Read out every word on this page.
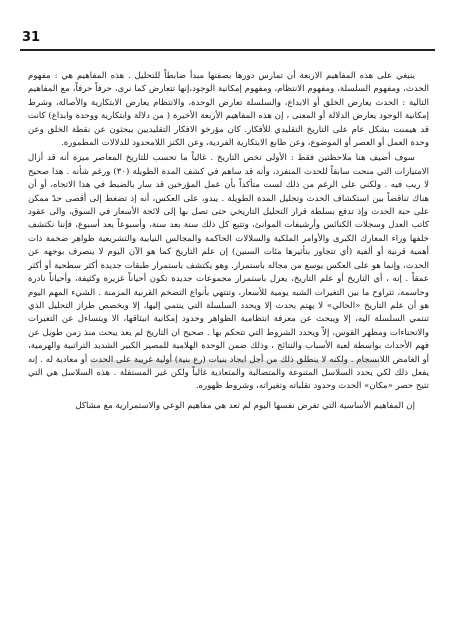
31

ينبغي على هذه المفاهيم الاربعة أن تمارس دورها بصفتها مبدأ ضابطاً للتحليل . هذه المفاهيم هي : مفهوم الحدث، ومفهوم السلسلة، ومفهوم الانتظام، ومفهوم إمكانية الوجود،إنها تتعارض كما نرى، حرفاً حرفاً، مع المفاهيم التالية : الحدث يعارض الخلق أو الابداع، والسلسلة تعارض الوحدة، والانتظام يعارض الابتكارية والأصالة، وشرط إمكانية الوجود يعارض الدلالة أو المعنى ، إن هذه المفاهيم الأربعة الأخيرة ( من دلالة وابتكارية ووحدة وابداع) كانت قد هيمنت بشكل عام على التاريخ التقليدي للأفكار. كان مؤرخو الافكار التقليديين يبحثون عن نقطة الخلق وعن وحدة العمل أو العصر أو الموضوع، وعن طابع الابتكارية الفردية، وعن الكنز اللامحدود للدلالات المطمورة.

سوف أضيف هنا ملاحظتين فقط : الأولى تخص التاريخ . غالباً ما تحسب للتاريخ المعاصر ميزة أنه قد أزال الامتيازات التي منحت سابقاً للحدث المنفرد، وأنه قد ساهم في كشف المدة الطويلة (٣٠) ورغم شأنه . هذا صحيح لا ريب فيه . ولكني على الرغم من ذلك لست متأكداً بأن عمل المؤرخين قد سار بالضبط في هذا الاتجاه، أو أن هناك تناقضاً بين استكشاف الحدث وتحليل المدة الطويلة . يبدو، على العكس، أنه إذ تضغط إلى أقصى حدّ ممكن على حبة الحدث وإذ تدفع بسلطة قرار التحليل التاريخي حتى تصل بها إلى لائحة الأسعار في السوق، والى عقود كاتب العدل وسجلات الكنائس وأرشيفات الموانئ، وتتبع كل ذلك سنة بعد سنة، وأسبوعاً بعد أسبوع، فإننا نكتشف خلفها وراء المعارك الكبرى والأوامر الملكية والسلالات الحاكمة والمجالس النيابية والتشريعية ظواهر ضخمة ذات أهمية قرنية أو ألفية (أي تتجاوز بتأثيرها مئات السنين) إن علم التاريخ كما هو الآن اليوم لا ينصرف بوجهه عن الحدث، وإنما هو على العكس يوسع من مجاله باستمرار. وهو يكتشف باستمرار طبقات جديدة أكثر سطحية أو أكثر عمقاً . إنه ، أي التاريخ أو علم التاريخ، يعزل باستمرار مجموعات جديدة تكون أحياناً غزيرة وكثيفة، وأحياناً نادرة وحاسمة، تتراوح ما بين التغيرات الشبه يومية للأسعار، وتنتهي بأنواع التضخم القرنية المزمنة . الشيء المهم اليوم هو أن علم التاريخ «الحالي» لا يهتم بحدث إلا ويحدد السلسلة التي ينتمي إليها، إلا ويخصص طراز التحليل الذي تنتمي السلسلة اليه، إلا ويبحث عن معرفة انتظامية الظواهر وحدود إمكانية انبثاقها، الا ويتساءل عن التغيرات والانحناءات ومظهر القوس، إلاّ ويحدد الشروط التي تتحكم بها . صحيح ان التاريخ لم يعد يبحث منذ زمن طويل عن فهم الأحداث بواسطة لعبة الأسباب والنتائج ، وذلك ضمن الوحدة الهلامية للمصير الكبير الشديد التراتبية والهرمية، أو الغامض اللانسجام . ولكنه لا ينطلق ذلك من أجل ايجاد بنيات (رع بنية) أولية غريبة على الحدث أو معادية له . إنه يفعل ذلك لكي يحدد السلاسل المتنوعة والمتصالبة والمتعادية غالباً ولكن غير المستقلة . هذه السلاسل هي التي تتيح حصر «مكان» الحدث وحدود تقلباته وتغيراته، وشروط ظهوره.

إن المفاهيم الأساسية التي تفرض نفسها اليوم لم تعد هي مفاهيم الوعي والاستمرارية مع مشاكل
